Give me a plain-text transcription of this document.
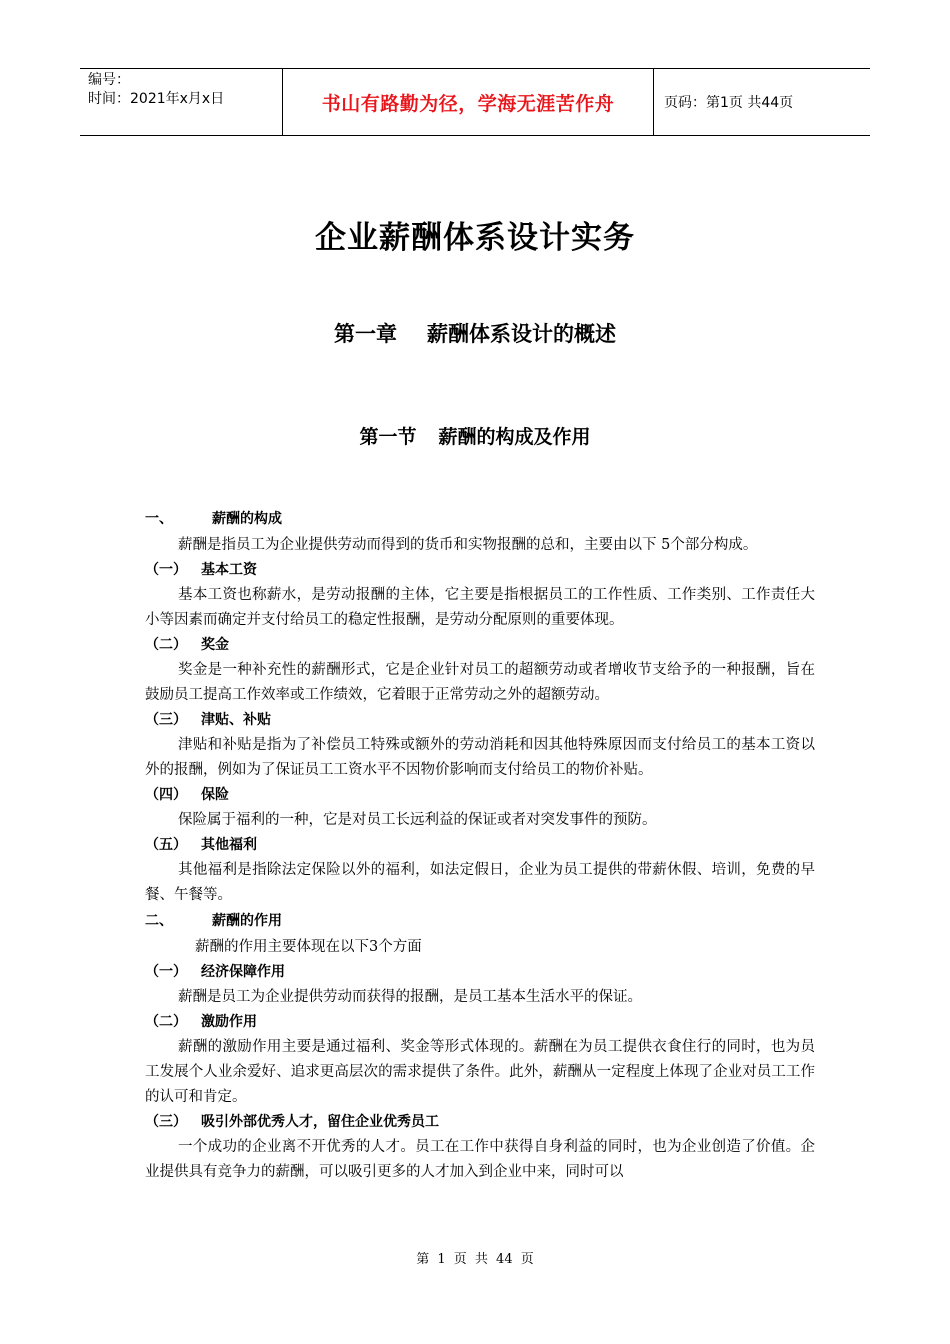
编号：
时间：2021年x月x日	书山有路勤为径，学海无涯苦作舟	页码：第1页 共44页
企业薪酬体系设计实务
第一章 薪酬体系设计的概述
第一节 薪酬的构成及作用
一、	薪酬的构成
薪酬是指员工为企业提供劳动而得到的货币和实物报酬的总和，主要由以下 5个部分构成。
（一）	基本工资
基本工资也称薪水，是劳动报酬的主体，它主要是指根据员工的工作性质、工作类别、工作责任大小等因素而确定并支付给员工的稳定性报酬，是劳动分配原则的重要体现。
（二）	奖金
奖金是一种补充性的薪酬形式，它是企业针对员工的超额劳动或者增收节支给予的一种报酬，旨在鼓励员工提高工作效率或工作绩效，它着眼于正常劳动之外的超额劳动。
（三）	津贴、补贴
津贴和补贴是指为了补偿员工特殊或额外的劳动消耗和因其他特殊原因而支付给员工的基本工资以外的报酬，例如为了保证员工工资水平不因物价影响而支付给员工的物价补贴。
（四）	保险
保险属于福利的一种，它是对员工长远利益的保证或者对突发事件的预防。
（五）	其他福利
其他福利是指除法定保险以外的福利，如法定假日，企业为员工提供的带薪休假、培训，免费的早餐、午餐等。
二、	薪酬的作用
薪酬的作用主要体现在以下3个方面
（一）	经济保障作用
薪酬是员工为企业提供劳动而获得的报酬，是员工基本生活水平的保证。
（二）	激励作用
薪酬的激励作用主要是通过福利、奖金等形式体现的。薪酬在为员工提供衣食住行的同时，也为员工发展个人业余爱好、追求更高层次的需求提供了条件。此外，薪酬从一定程度上体现了企业对员工工作的认可和肯定。
（三）	吸引外部优秀人才，留住企业优秀员工
一个成功的企业离不开优秀的人才。员工在工作中获得自身利益的同时，也为企业创造了价值。企业提供具有竞争力的薪酬，可以吸引更多的人才加入到企业中来，同时可以
第 1 页 共 44 页
